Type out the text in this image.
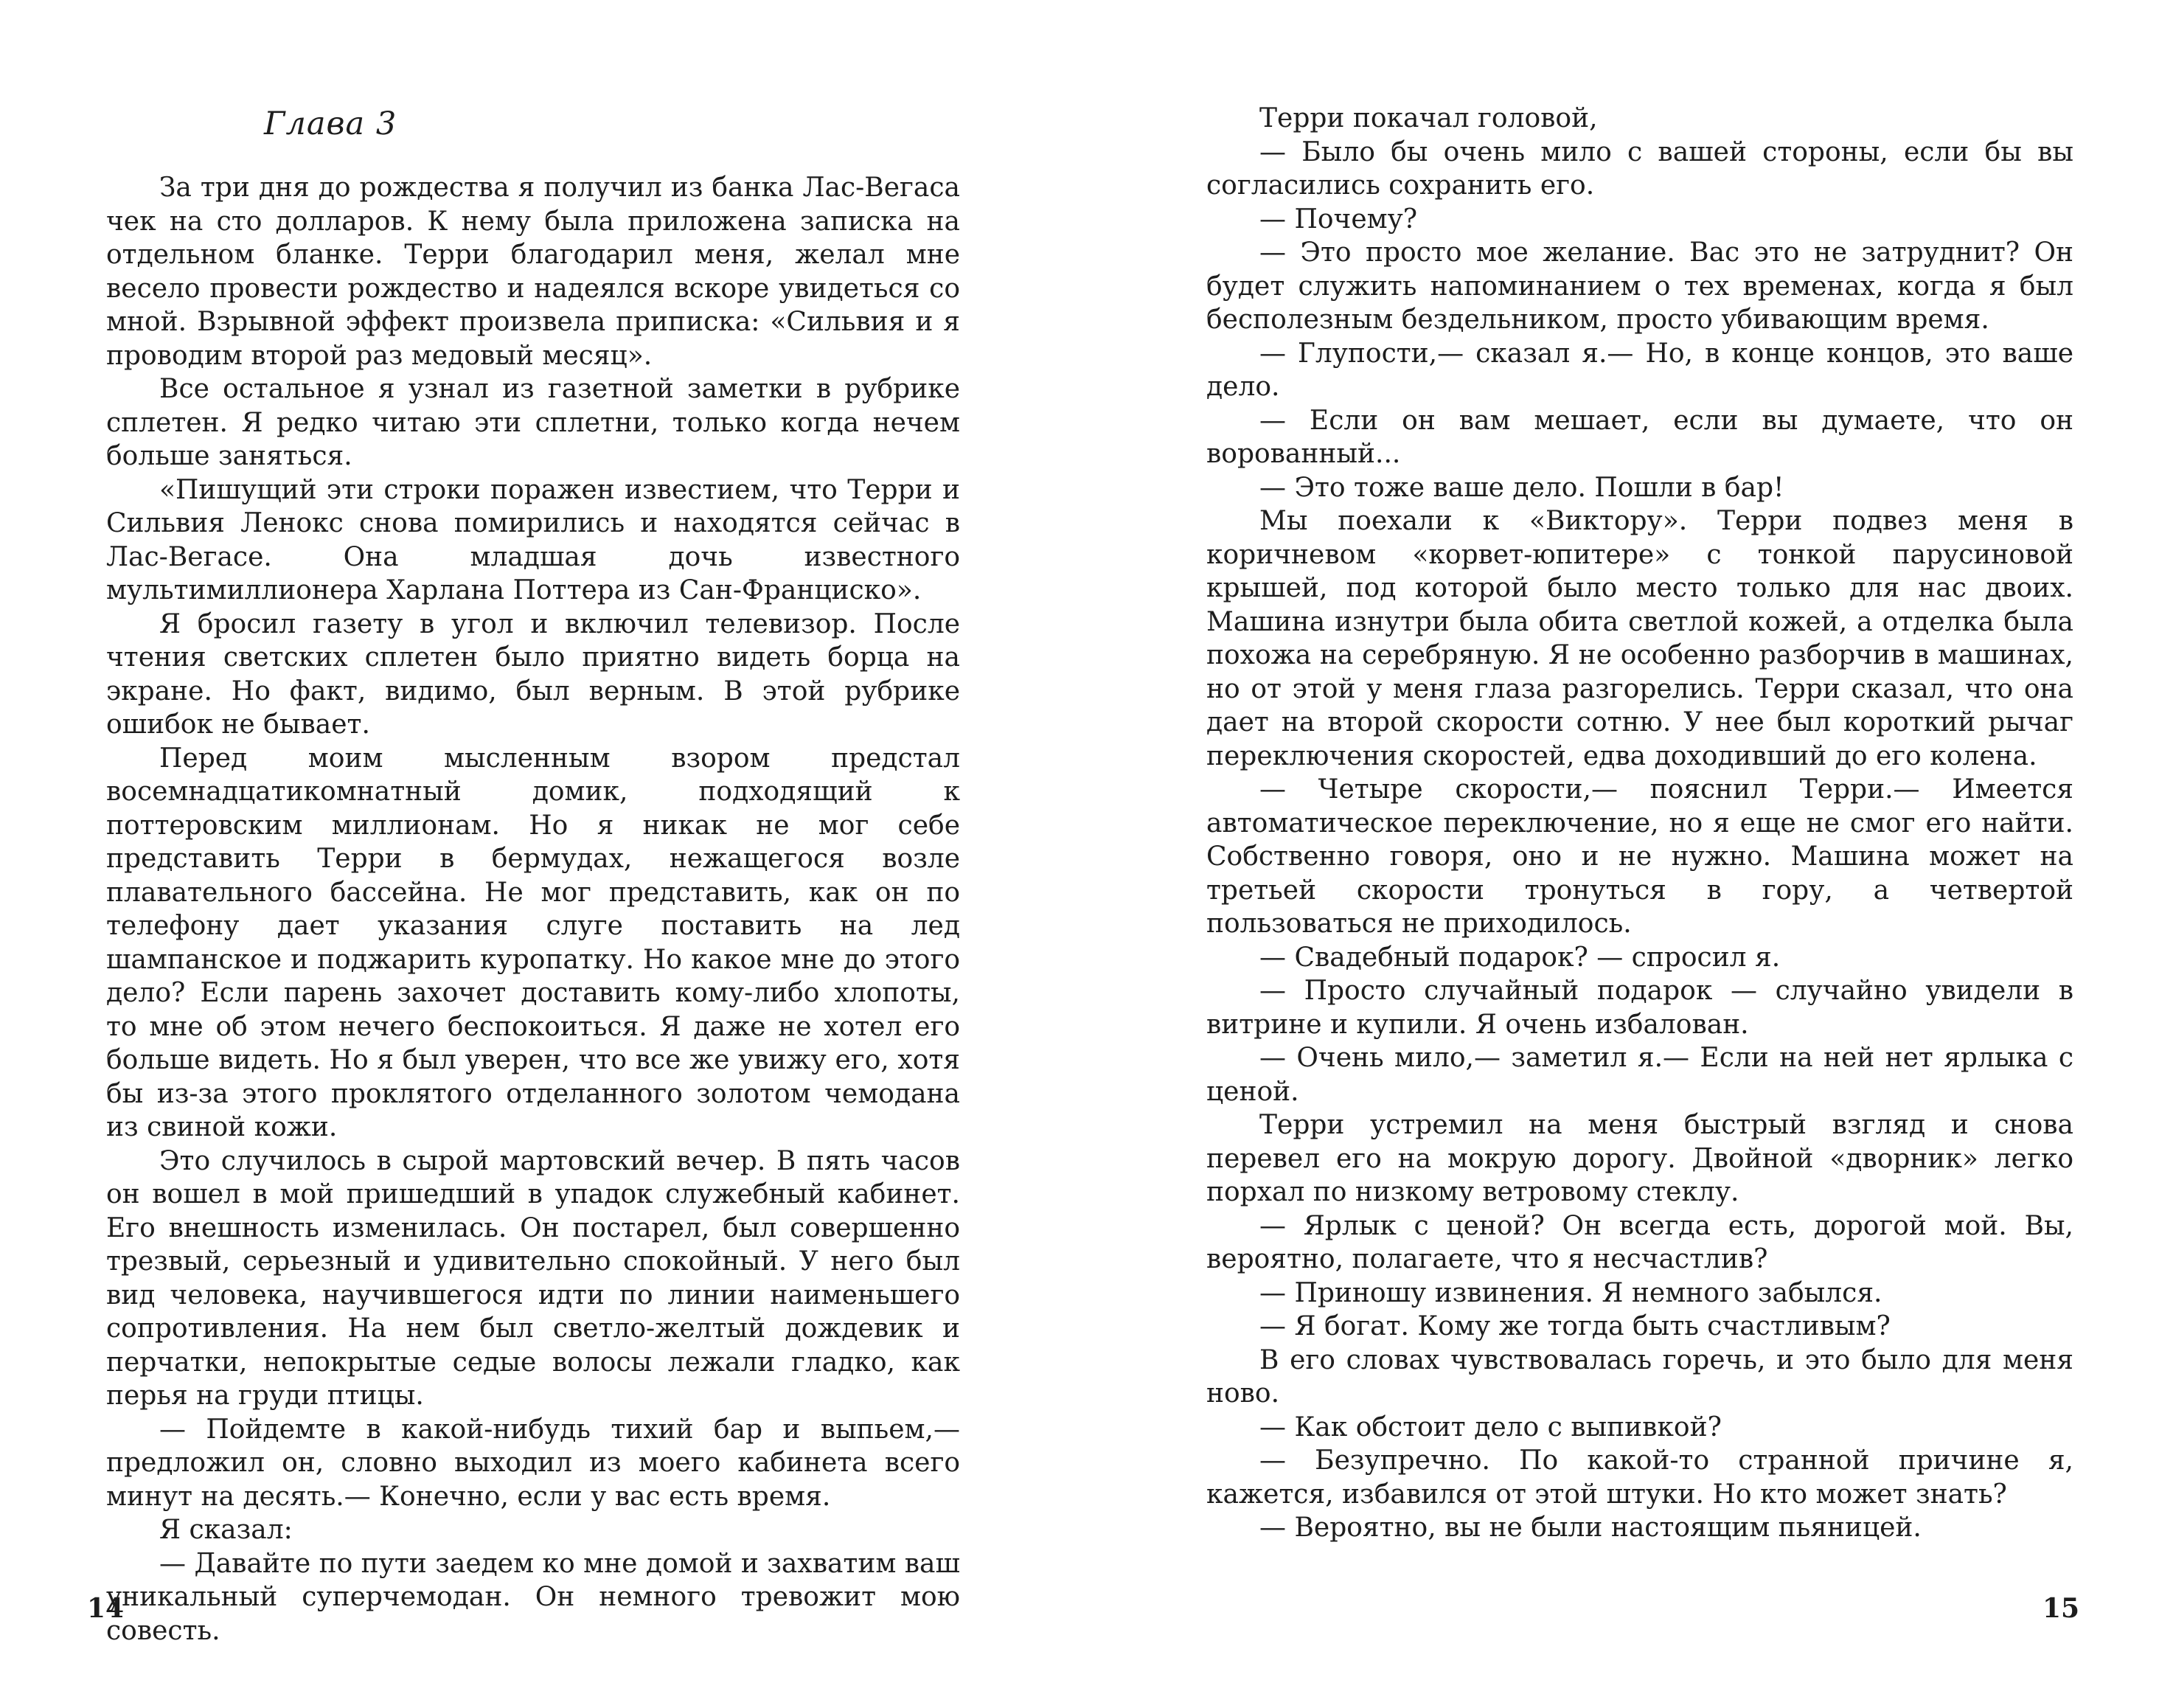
Глава 3

За три дня до рождества я получил из банка Лас-Вегаса чек на сто долларов. К нему была приложена записка на отдельном бланке. Терри благодарил меня, желал мне весело провести рождество и надеялся вскоре увидеться со мной. Взрывной эффект произвела приписка: «Сильвия и я проводим второй раз медовый месяц».

Все остальное я узнал из газетной заметки в рубрике сплетен. Я редко читаю эти сплетни, только когда нечем больше заняться.

«Пишущий эти строки поражен известием, что Терри и Сильвия Ленокс снова помирились и находятся сейчас в Лас-Вегасе. Она младшая дочь известного мультимиллионера Харлана Поттера из Сан-Франциско».

Я бросил газету в угол и включил телевизор. После чтения светских сплетен было приятно видеть борца на экране. Но факт, видимо, был верным. В этой рубрике ошибок не бывает.

Перед моим мысленным взором предстал восемнадцатикомнатный домик, подходящий к поттеровским миллионам. Но я никак не мог себе представить Терри в бермудах, нежащегося возле плавательного бассейна. Не мог представить, как он по телефону дает указания слуге поставить на лед шампанское и поджарить куропатку. Но какое мне до этого дело? Если парень захочет доставить кому-либо хлопоты, то мне об этом нечего беспокоиться. Я даже не хотел его больше видеть. Но я был уверен, что все же увижу его, хотя бы из-за этого проклятого отделанного золотом чемодана из свиной кожи.

Это случилось в сырой мартовский вечер. В пять часов он вошел в мой пришедший в упадок служебный кабинет. Его внешность изменилась. Он постарел, был совершенно трезвый, серьезный и удивительно спокойный. У него был вид человека, научившегося идти по линии наименьшего сопротивления. На нем был светло-желтый дождевик и перчатки, непокрытые седые волосы лежали гладко, как перья на груди птицы.

— Пойдемте в какой-нибудь тихий бар и выпьем,— предложил он, словно выходил из моего кабинета всего минут на десять.— Конечно, если у вас есть время.

Я сказал:

— Давайте по пути заедем ко мне домой и захватим ваш уникальный суперчемодан. Он немного тревожит мою совесть.

14

Терри покачал головой,

— Было бы очень мило с вашей стороны, если бы вы согласились сохранить его.

— Почему?

— Это просто мое желание. Вас это не затруднит? Он будет служить напоминанием о тех временах, когда я был бесполезным бездельником, просто убивающим время.

— Глупости,— сказал я.— Но, в конце концов, это ваше дело.

— Если он вам мешает, если вы думаете, что он ворованный...

— Это тоже ваше дело. Пошли в бар!

Мы поехали к «Виктору». Терри подвез меня в коричневом «корвет-юпитере» с тонкой парусиновой крышей, под которой было место только для нас двоих. Машина изнутри была обита светлой кожей, а отделка была похожа на серебряную. Я не особенно разборчив в машинах, но от этой у меня глаза разгорелись. Терри сказал, что она дает на второй скорости сотню. У нее был короткий рычаг переключения скоростей, едва доходивший до его колена.

— Четыре скорости,— пояснил Терри.— Имеется автоматическое переключение, но я еще не смог его найти. Собственно говоря, оно и не нужно. Машина может на третьей скорости тронуться в гору, а четвертой пользоваться не приходилось.

— Свадебный подарок? — спросил я.

— Просто случайный подарок — случайно увидели в витрине и купили. Я очень избалован.

— Очень мило,— заметил я.— Если на ней нет ярлыка с ценой.

Терри устремил на меня быстрый взгляд и снова перевел его на мокрую дорогу. Двойной «дворник» легко порхал по низкому ветровому стеклу.

— Ярлык с ценой? Он всегда есть, дорогой мой. Вы, вероятно, полагаете, что я несчастлив?

— Приношу извинения. Я немного забылся.

— Я богат. Кому же тогда быть счастливым?

В его словах чувствовалась горечь, и это было для меня ново.

— Как обстоит дело с выпивкой?

— Безупречно. По какой-то странной причине я, кажется, избавился от этой штуки. Но кто может знать?

— Вероятно, вы не были настоящим пьяницей.

15
